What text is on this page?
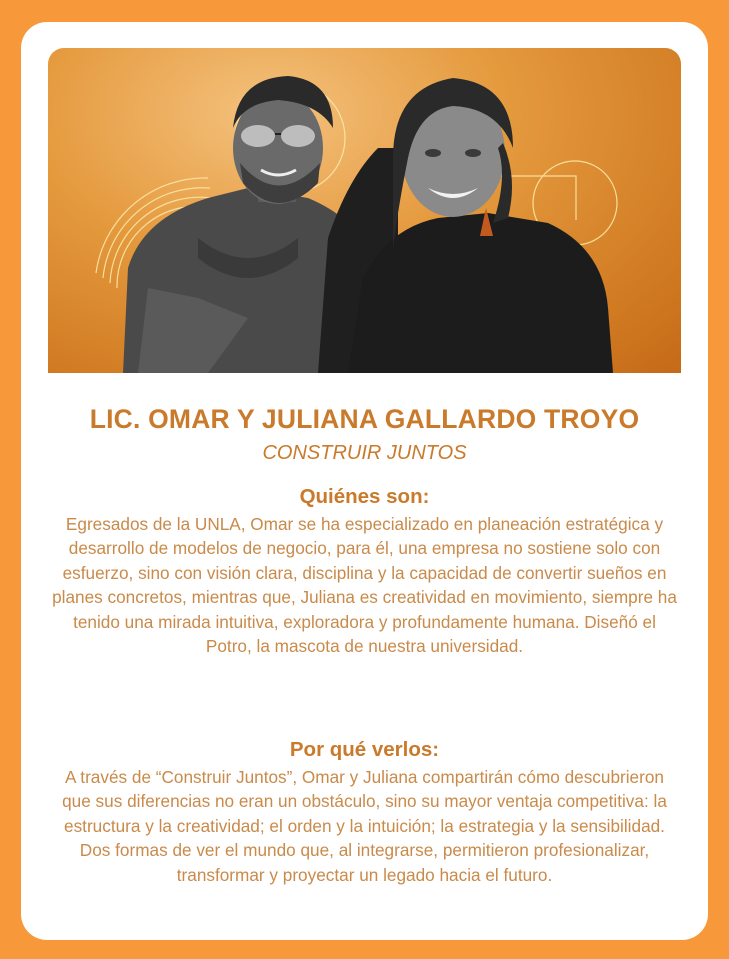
LIC. OMAR Y JULIANA GALLARDO TROYO
CONSTRUIR JUNTOS
Quiénes son:
Egresados de la UNLA, Omar se ha especializado en planeación estratégica y desarrollo de modelos de negocio, para él, una empresa no sostiene solo con esfuerzo, sino con visión clara, disciplina y la capacidad de convertir sueños en planes concretos, mientras que, Juliana es creatividad en movimiento, siempre ha tenido una mirada intuitiva, exploradora y profundamente humana. Diseñó el Potro, la mascota de nuestra universidad.
Por qué verlos:
A través de “Construir Juntos”, Omar y Juliana compartirán cómo descubrieron que sus diferencias no eran un obstáculo, sino su mayor ventaja competitiva: la estructura y la creatividad; el orden y la intuición; la estrategia y la sensibilidad. Dos formas de ver el mundo que, al integrarse, permitieron profesionalizar, transformar y proyectar un legado hacia el futuro.
